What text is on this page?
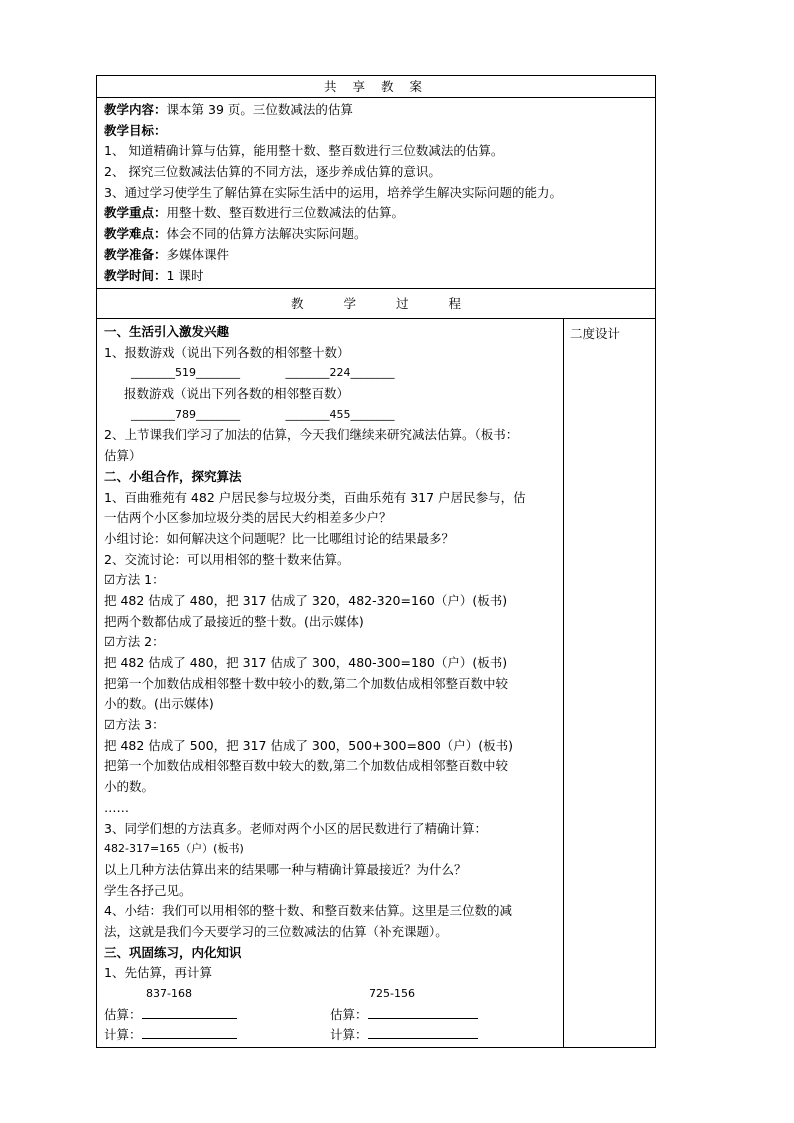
共 享 教 案
教学内容：课本第 39 页。三位数减法的估算
教学目标：
1、 知道精确计算与估算，能用整十数、整百数进行三位数减法的估算。
2、 探究三位数减法估算的不同方法，逐步养成估算的意识。
3、通过学习使学生了解估算在实际生活中的运用，培养学生解决实际问题的能力。
教学重点：用整十数、整百数进行三位数减法的估算。
教学难点：体会不同的估算方法解决实际问题。
教学准备：多媒体课件
教学时间：1 课时
教	学	过	程
一、生活引入激发兴趣
1、报数游戏（说出下列各数的相邻整十数）
________519________	________224________
报数游戏（说出下列各数的相邻整百数）
________789________	________455________
2、上节课我们学习了加法的估算，今天我们继续来研究减法估算。（板书：
估算）
二、小组合作，探究算法
1、百曲雅苑有 482 户居民参与垃圾分类，百曲乐苑有 317 户居民参与，估
一估两个小区参加垃圾分类的居民大约相差多少户？
小组讨论：如何解决这个问题呢？比一比哪组讨论的结果最多？
2、交流讨论：可以用相邻的整十数来估算。
☑方法 1：
把 482 估成了 480，把 317 估成了 320，482-320=160（户）(板书)
把两个数都估成了最接近的整十数。(出示媒体)
☑方法 2：
把 482 估成了 480，把 317 估成了 300，480-300=180（户）(板书)
把第一个加数估成相邻整十数中较小的数,第二个加数估成相邻整百数中较
小的数。(出示媒体)
☑方法 3：
把 482 估成了 500，把 317 估成了 300，500+300=800（户）(板书)
把第一个加数估成相邻整百数中较大的数,第二个加数估成相邻整百数中较
小的数。
……
3、同学们想的方法真多。老师对两个小区的居民数进行了精确计算：
482-317=165（户）(板书)
以上几种方法估算出来的结果哪一种与精确计算最接近？为什么？
学生各抒己见。
4、小结：我们可以用相邻的整十数、和整百数来估算。这里是三位数的减
法，这就是我们今天要学习的三位数减法的估算（补充课题）。
三、巩固练习，内化知识
1、先估算，再计算
837-168	725-156
估算：	估算：
计算：	计算：
二度设计
